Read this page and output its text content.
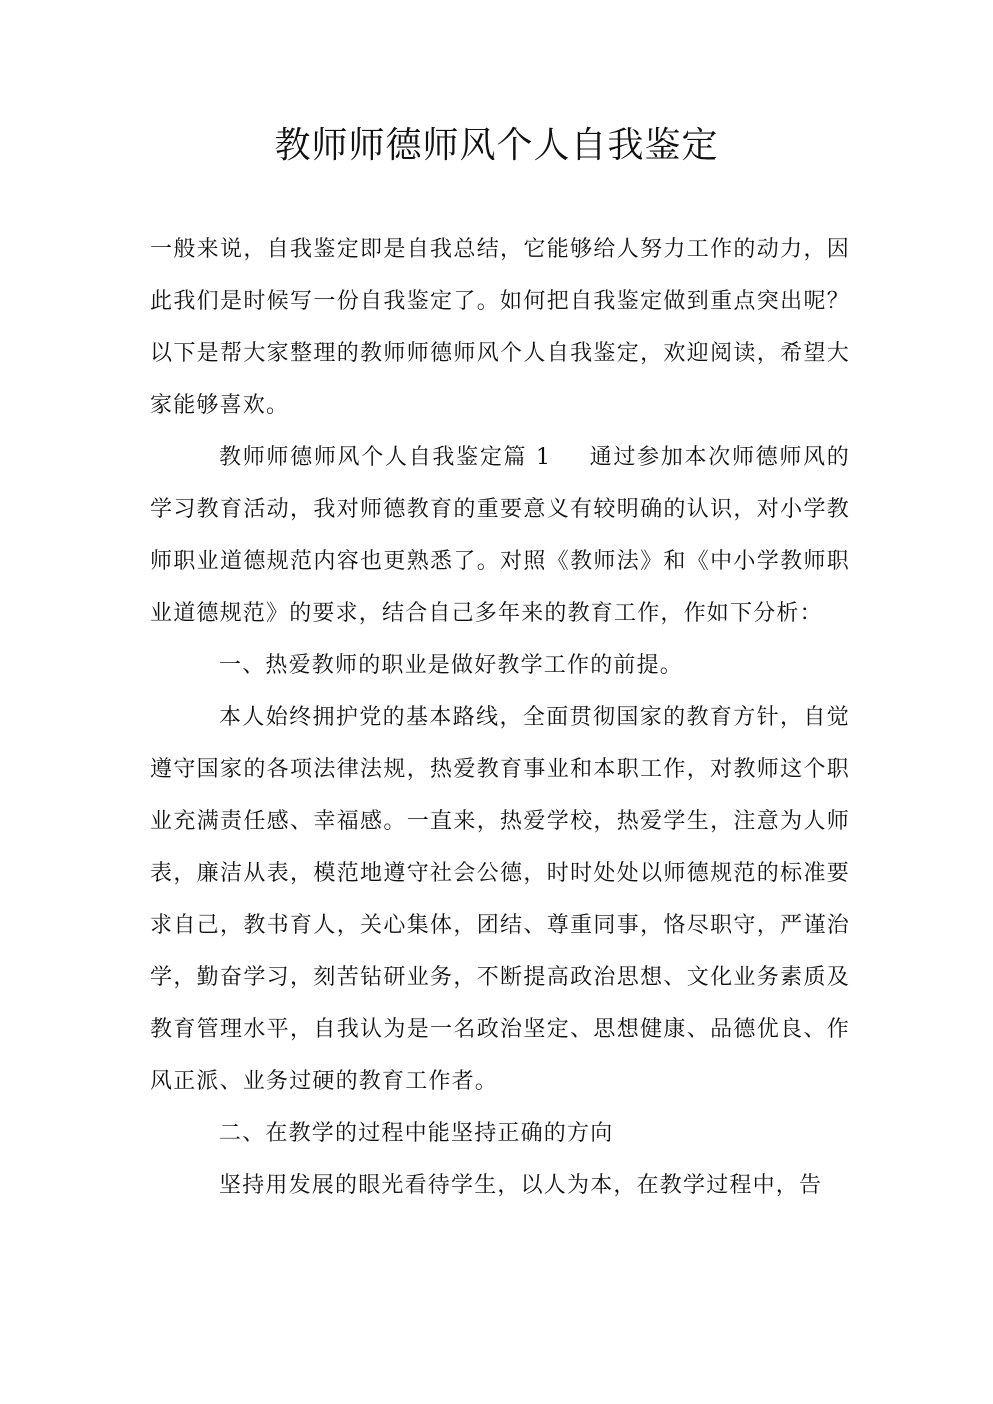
教师师德师风个人自我鉴定

一般来说，自我鉴定即是自我总结，它能够给人努力工作的动力，因此我们是时候写一份自我鉴定了。如何把自我鉴定做到重点突出呢？以下是帮大家整理的教师师德师风个人自我鉴定，欢迎阅读，希望大家能够喜欢。

教师师德师风个人自我鉴定篇 1 通过参加本次师德师风的学习教育活动，我对师德教育的重要意义有较明确的认识，对小学教师职业道德规范内容也更熟悉了。对照《教师法》和《中小学教师职业道德规范》的要求，结合自己多年来的教育工作，作如下分析：

一、热爱教师的职业是做好教学工作的前提。

本人始终拥护党的基本路线，全面贯彻国家的教育方针，自觉遵守国家的各项法律法规，热爱教育事业和本职工作，对教师这个职业充满责任感、幸福感。一直来，热爱学校，热爱学生，注意为人师表，廉洁从表，模范地遵守社会公德，时时处处以师德规范的标准要求自己，教书育人，关心集体，团结、尊重同事，恪尽职守，严谨治学，勤奋学习，刻苦钻研业务，不断提高政治思想、文化业务素质及教育管理水平，自我认为是一名政治坚定、思想健康、品德优良、作风正派、业务过硬的教育工作者。

二、在教学的过程中能坚持正确的方向

坚持用发展的眼光看待学生，以人为本，在教学过程中，告
